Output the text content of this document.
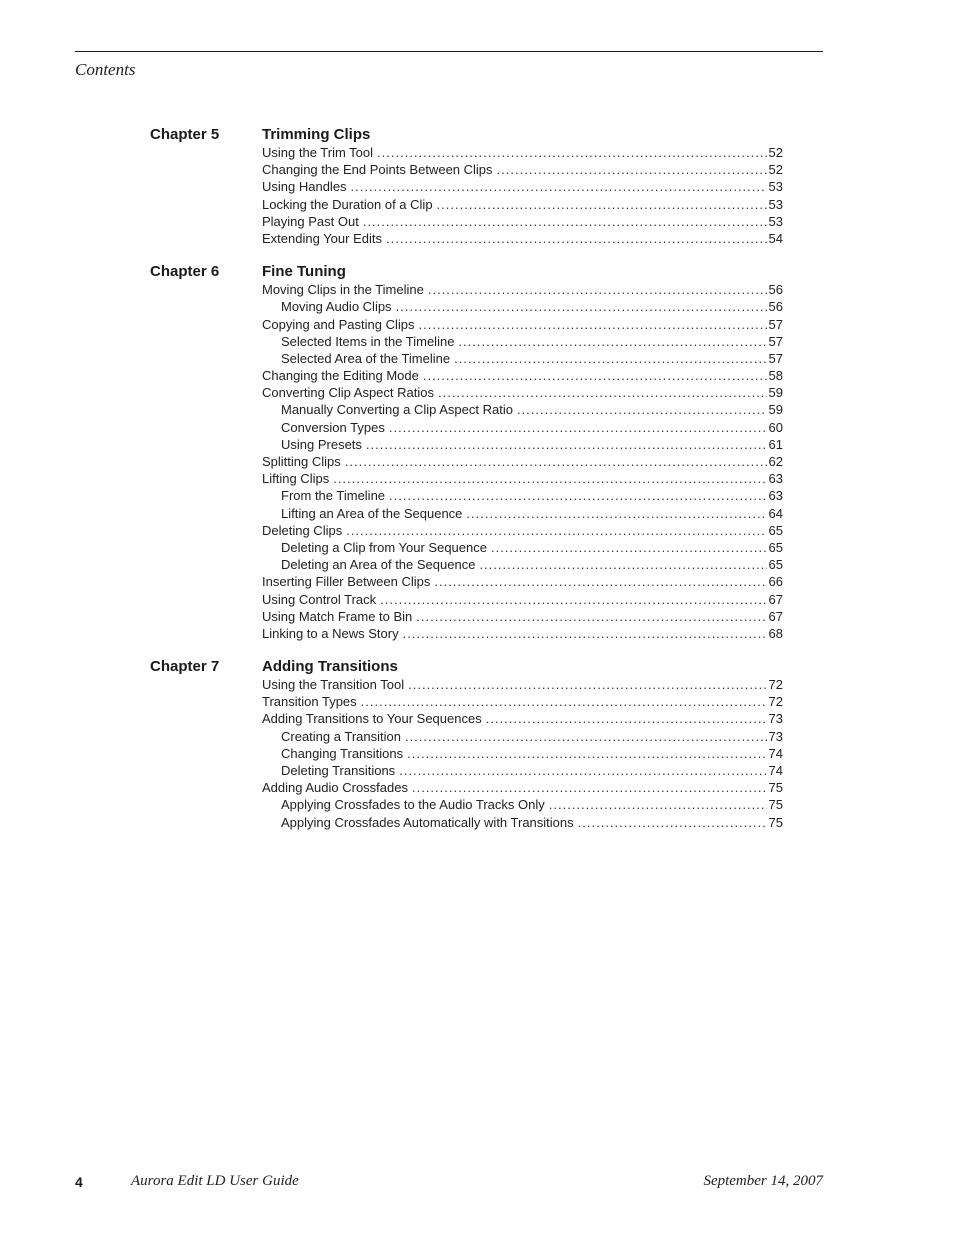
Contents
Chapter 5	Trimming Clips
Using the Trim Tool .....	52
Changing the End Points Between Clips .....	52
Using Handles .....	53
Locking the Duration of a Clip .....	53
Playing Past Out .....	53
Extending Your Edits .....	54
Chapter 6	Fine Tuning
Moving Clips in the Timeline .....	56
Moving Audio Clips .....	56
Copying and Pasting Clips .....	57
Selected Items in the Timeline .....	57
Selected Area of the Timeline .....	57
Changing the Editing Mode .....	58
Converting Clip Aspect Ratios .....	59
Manually Converting a Clip Aspect Ratio .....	59
Conversion Types .....	60
Using Presets .....	61
Splitting Clips .....	62
Lifting Clips .....	63
From the Timeline .....	63
Lifting an Area of the Sequence .....	64
Deleting Clips .....	65
Deleting a Clip from Your Sequence .....	65
Deleting an Area of the Sequence .....	65
Inserting Filler Between Clips .....	66
Using Control Track .....	67
Using Match Frame to Bin .....	67
Linking to a News Story .....	68
Chapter 7	Adding Transitions
Using the Transition Tool .....	72
Transition Types .....	72
Adding Transitions to Your Sequences .....	73
Creating a Transition .....	73
Changing Transitions .....	74
Deleting Transitions .....	74
Adding Audio Crossfades .....	75
Applying Crossfades to the Audio Tracks Only .....	75
Applying Crossfades Automatically with Transitions .....	75
4	Aurora Edit LD User Guide	September 14, 2007
